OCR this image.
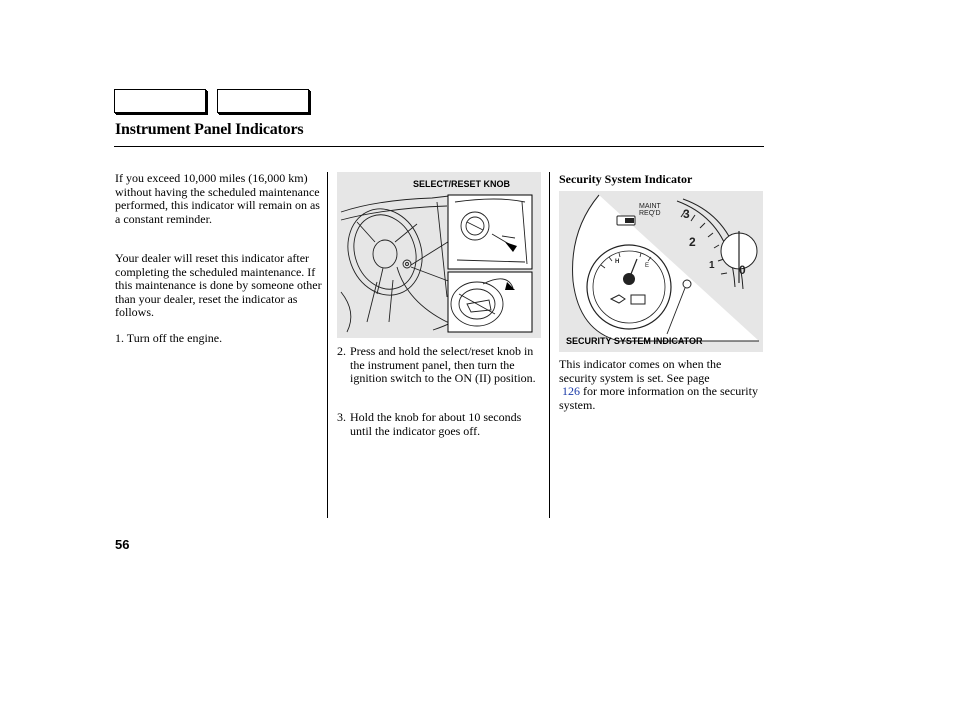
Instrument Panel Indicators

If you exceed 10,000 miles (16,000 km) without having the scheduled maintenance performed, this indicator will remain on as a constant reminder.

Your dealer will reset this indicator after completing the scheduled maintenance. If this maintenance is done by someone other than your dealer, reset the indicator as follows.

1. Turn off the engine.

SELECT/RESET KNOB
2. Press and hold the select/reset knob in the instrument panel, then turn the ignition switch to the ON (II) position.
3. Hold the knob for about 10 seconds until the indicator goes off.
Security System Indicator
MAINT
REQ'D 3
2
1 0
H
E
SECURITY SYSTEM INDICATOR

This indicator comes on when the security system is set. See page
126 for more information on the security system.

56
